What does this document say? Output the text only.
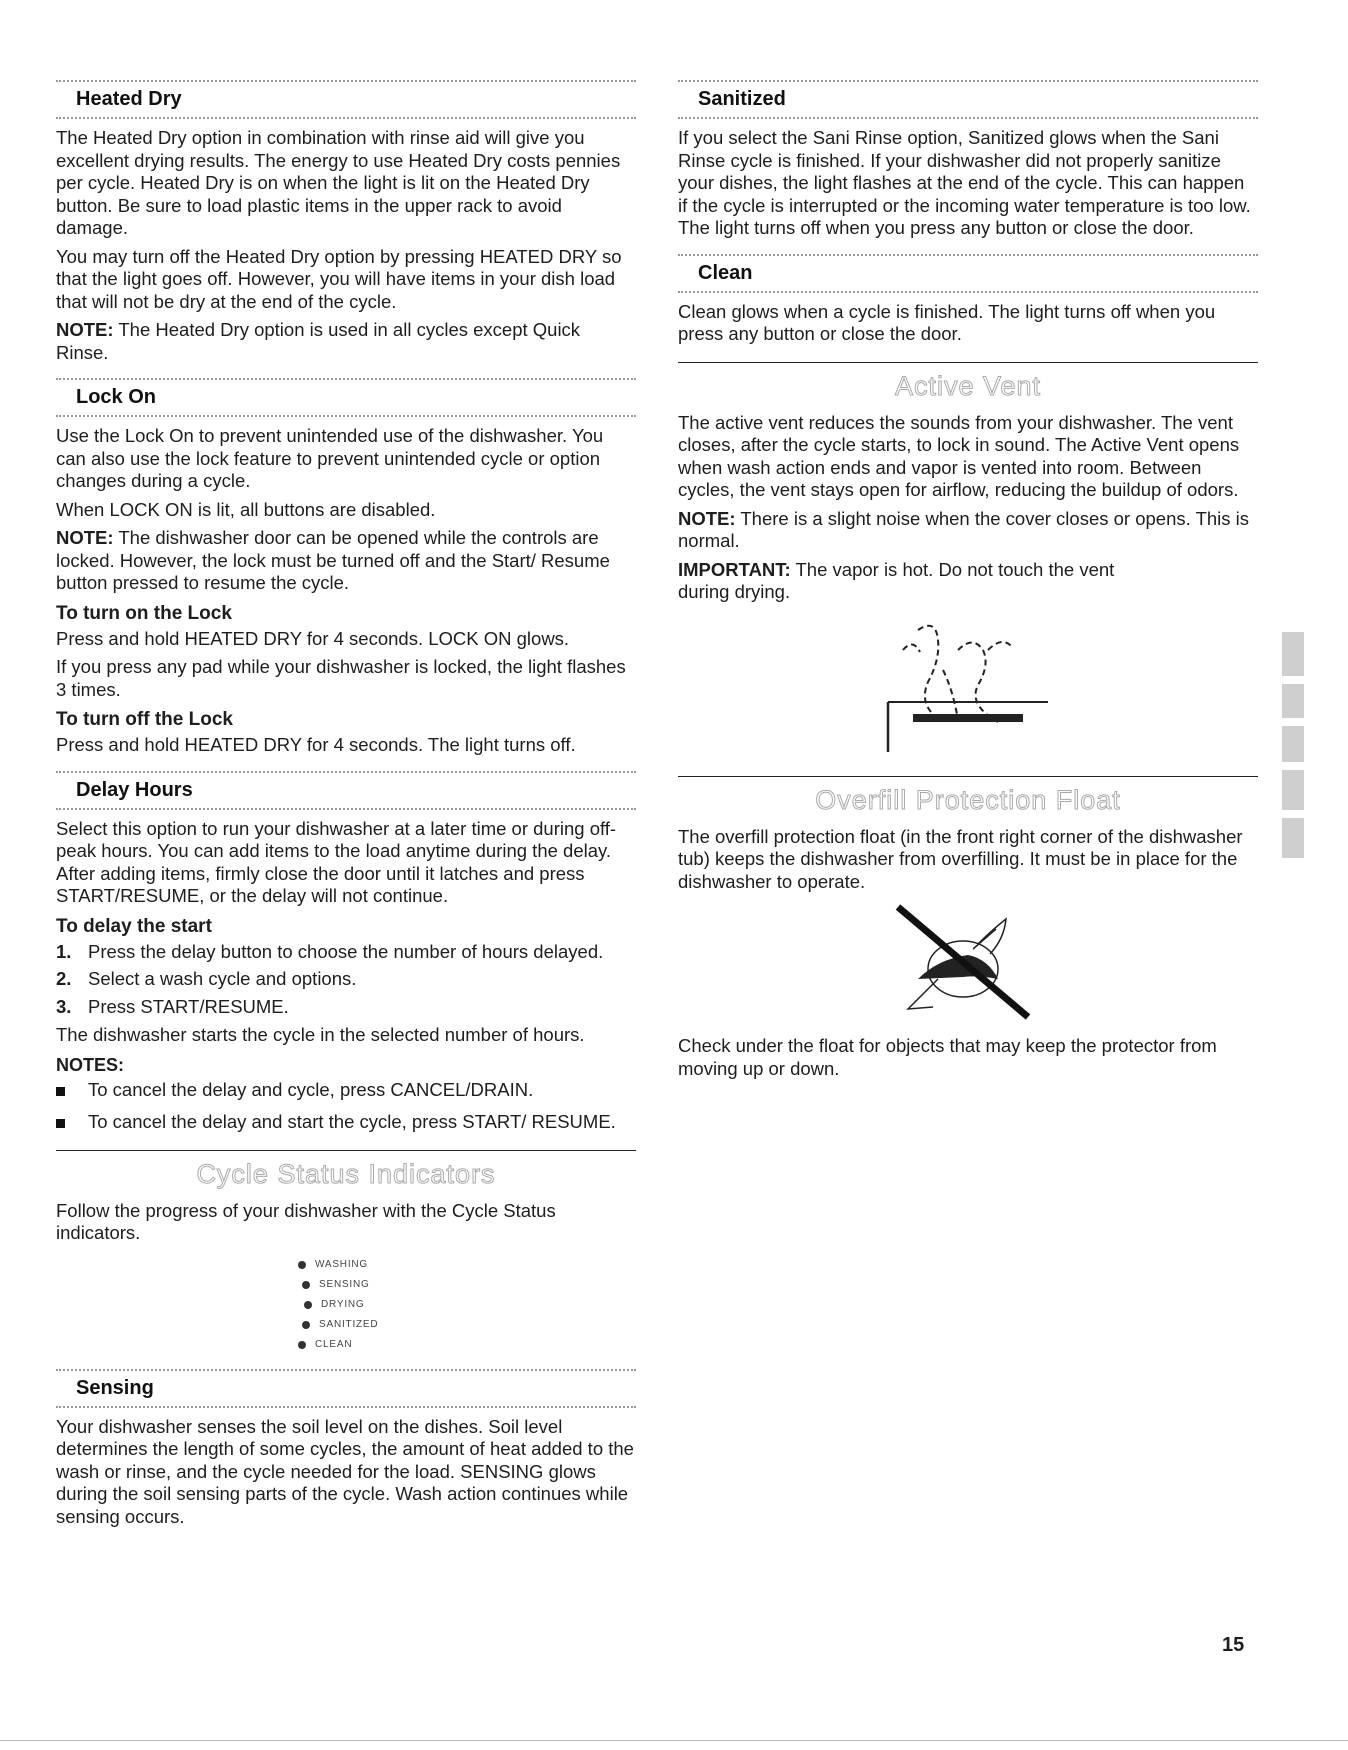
Heated Dry

The Heated Dry option in combination with rinse aid will give you excellent drying results. The energy to use Heated Dry costs pennies per cycle. Heated Dry is on when the light is lit on the Heated Dry button. Be sure to load plastic items in the upper rack to avoid damage.

You may turn off the Heated Dry option by pressing HEATED DRY so that the light goes off. However, you will have items in your dish load that will not be dry at the end of the cycle.

NOTE: The Heated Dry option is used in all cycles except Quick Rinse.

Lock On

Use the Lock On to prevent unintended use of the dishwasher. You can also use the lock feature to prevent unintended cycle or option changes during a cycle.

When LOCK ON is lit, all buttons are disabled.

NOTE: The dishwasher door can be opened while the controls are locked. However, the lock must be turned off and the Start/ Resume button pressed to resume the cycle.

To turn on the Lock

Press and hold HEATED DRY for 4 seconds. LOCK ON glows.

If you press any pad while your dishwasher is locked, the light flashes 3 times.

To turn off the Lock

Press and hold HEATED DRY for 4 seconds. The light turns off.

Delay Hours

Select this option to run your dishwasher at a later time or during off-peak hours. You can add items to the load anytime during the delay. After adding items, firmly close the door until it latches and press START/RESUME, or the delay will not continue.

To delay the start
1. Press the delay button to choose the number of hours delayed.
2. Select a wash cycle and options.
3. Press START/RESUME.

The dishwasher starts the cycle in the selected number of hours.

NOTES:
To cancel the delay and cycle, press CANCEL/DRAIN.
To cancel the delay and start the cycle, press START/ RESUME.
Cycle Status Indicators

Follow the progress of your dishwasher with the Cycle Status indicators.

WASHING
SENSING
DRYING
SANITIZED
CLEAN
Sensing

Your dishwasher senses the soil level on the dishes. Soil level determines the length of some cycles, the amount of heat added to the wash or rinse, and the cycle needed for the load. SENSING glows during the soil sensing parts of the cycle. Wash action continues while sensing occurs.

Sanitized

If you select the Sani Rinse option, Sanitized glows when the Sani Rinse cycle is finished. If your dishwasher did not properly sanitize your dishes, the light flashes at the end of the cycle. This can happen if the cycle is interrupted or the incoming water temperature is too low. The light turns off when you press any button or close the door.

Clean

Clean glows when a cycle is finished. The light turns off when you press any button or close the door.

Active Vent

The active vent reduces the sounds from your dishwasher. The vent closes, after the cycle starts, to lock in sound. The Active Vent opens when wash action ends and vapor is vented into room. Between cycles, the vent stays open for airflow, reducing the buildup of odors.

NOTE: There is a slight noise when the cover closes or opens. This is normal.

IMPORTANT: The vapor is hot. Do not touch the vent during drying.

Overfill Protection Float

The overfill protection float (in the front right corner of the dishwasher tub) keeps the dishwasher from overfilling. It must be in place for the dishwasher to operate.

Check under the float for objects that may keep the protector from moving up or down.

15
